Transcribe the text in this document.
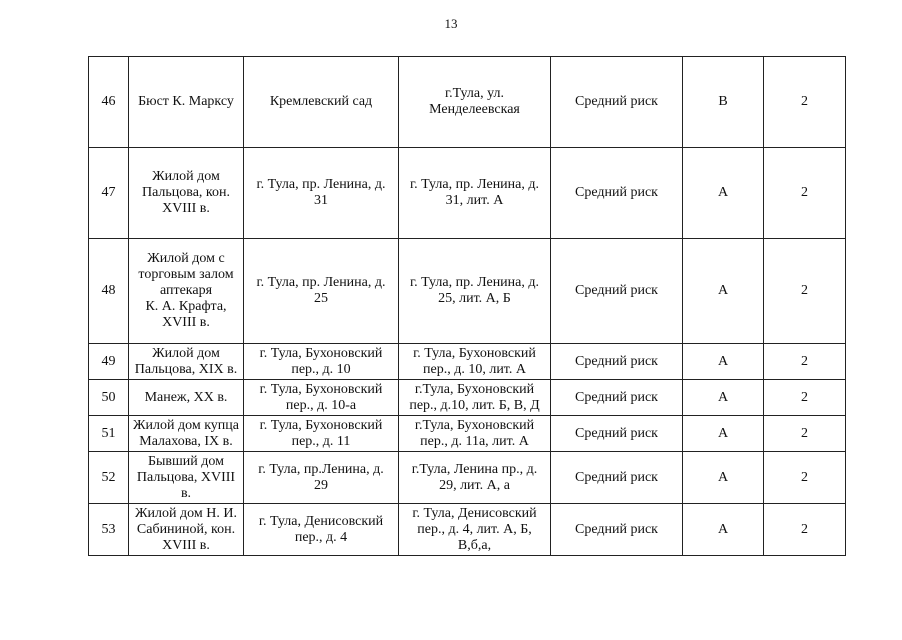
13
46	Бюст К. Марксу	Кремлевский сад	г.Тула, ул.
Менделеевская	Средний риск	В	2

47	Жилой дом
Пальцова, кон.
XVIII в.	г. Тула, пр. Ленина, д.
31	г. Тула, пр. Ленина, д.
31, лит. А	Средний риск	А	2

48	Жилой дом с
торговым залом
аптекаря
К. А. Крафта,
XVIII в.	г. Тула, пр. Ленина, д.
25	г. Тула, пр. Ленина, д.
25, лит. А, Б	Средний риск	А	2

49	Жилой дом
Пальцова, XIX в.	г. Тула, Бухоновский
пер., д. 10	г. Тула, Бухоновский
пер., д. 10, лит. А	Средний риск	А	2

50	Манеж, XX в.	г. Тула, Бухоновский
пер., д. 10-а	г.Тула, Бухоновский
пер., д.10, лит. Б, В, Д	Средний риск	А	2

51	Жилой дом купца
Малахова, IX в.	г. Тула, Бухоновский
пер., д. 11	г.Тула, Бухоновский
пер., д. 11а, лит. А	Средний риск	А	2

52	Бывший дом
Пальцова, XVIII
в.	г. Тула, пр.Ленина, д.
29	г.Тула, Ленина пр., д.
29, лит. А, а	Средний риск	А	2

53	Жилой дом Н. И.
Сабининой, кон.
XVIII в.	г. Тула, Денисовский
пер., д. 4	г. Тула, Денисовский
пер., д. 4, лит. А, Б,
В,б,а,	Средний риск	А	2
